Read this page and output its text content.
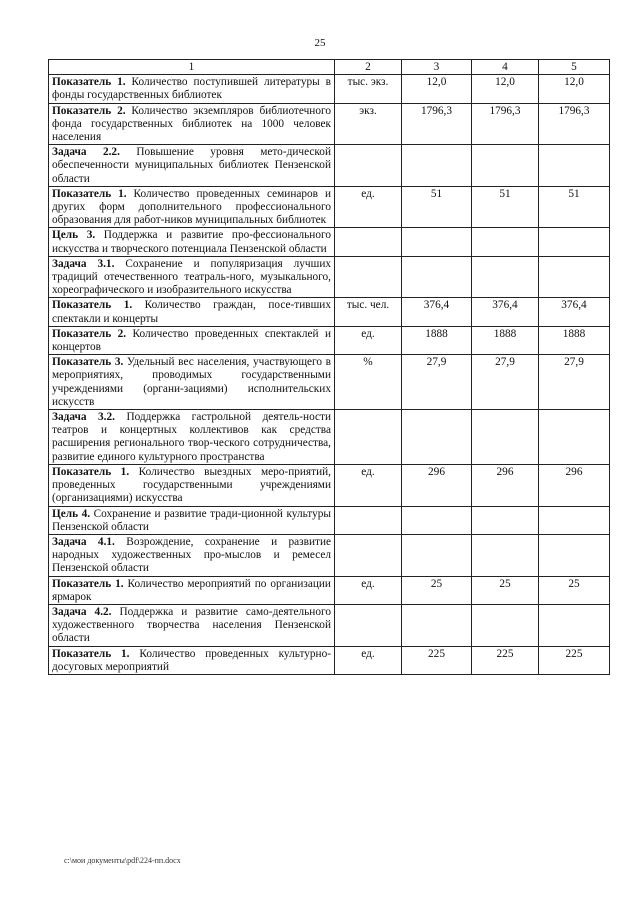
25
1	2	3	4	5
Показатель 1. Количество поступившей литературы в фонды государственных библиотек	тыс. экз.	12,0	12,0	12,0
Показатель 2. Количество экземпляров библиотечного фонда государственных библиотек на 1000 человек населения	экз.	1796,3	1796,3	1796,3
Задача 2.2. Повышение уровня мето-дической обеспеченности муниципальных библиотек Пензенской области				
Показатель 1. Количество проведенных семинаров и других форм дополнительного профессионального образования для работ-ников муниципальных библиотек	ед.	51	51	51
Цель 3. Поддержка и развитие про-фессионального искусства и творческого потенциала Пензенской области				
Задача 3.1. Сохранение и популяризация лучших традиций отечественного театраль-ного, музыкального, хореографического и изобразительного искусства				
Показатель 1. Количество граждан, посе-тивших спектакли и концерты	тыс. чел.	376,4	376,4	376,4
Показатель 2. Количество проведенных спектаклей и концертов	ед.	1888	1888	1888
Показатель 3. Удельный вес населения, участвующего в мероприятиях, проводимых государственными учреждениями (органи-зациями) исполнительских искусств	%	27,9	27,9	27,9
Задача 3.2. Поддержка гастрольной деятель-ности театров и концертных коллективов как средства расширения регионального твор-ческого сотрудничества, развитие единого культурного пространства				
Показатель 1. Количество выездных меро-приятий, проведенных государственными учреждениями (организациями) искусства	ед.	296	296	296
Цель 4. Сохранение и развитие тради-ционной культуры Пензенской области				
Задача 4.1. Возрождение, сохранение и развитие народных художественных про-мыслов и ремесел Пензенской области				
Показатель 1. Количество мероприятий по организации ярмарок	ед.	25	25	25
Задача 4.2. Поддержка и развитие само-деятельного художественного творчества населения Пензенской области				
Показатель 1. Количество проведенных культурно-досуговых мероприятий	ед.	225	225	225
c:\мои документы\pdf\224-пп.docx
